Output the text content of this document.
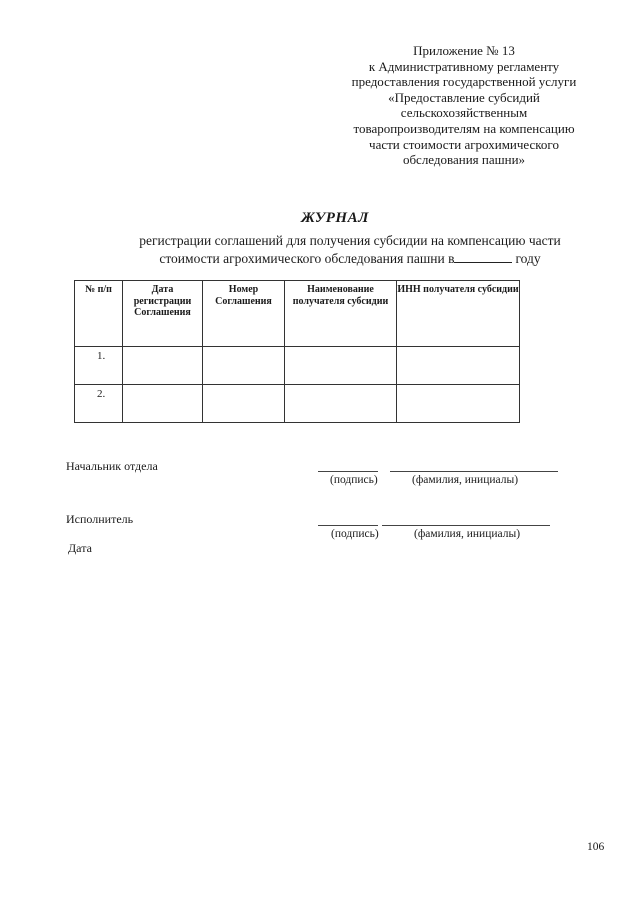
Приложение № 13
к Административному регламенту
предоставления государственной услуги
«Предоставление субсидий
сельскохозяйственным
товаропроизводителям на компенсацию
части стоимости агрохимического
обследования пашни»
ЖУРНАЛ
регистрации соглашений для получения субсидии на компенсацию части
стоимости агрохимического обследования пашни в	году
№ п/п	Дата регистрации Соглашения	Номер Соглашения	Наименование получателя субсидии	ИНН получателя субсидии
1.				
2.				
Начальник отдела
(подпись)	(фамилия, инициалы)
Исполнитель
(подпись)	(фамилия, инициалы)
Дата
106
